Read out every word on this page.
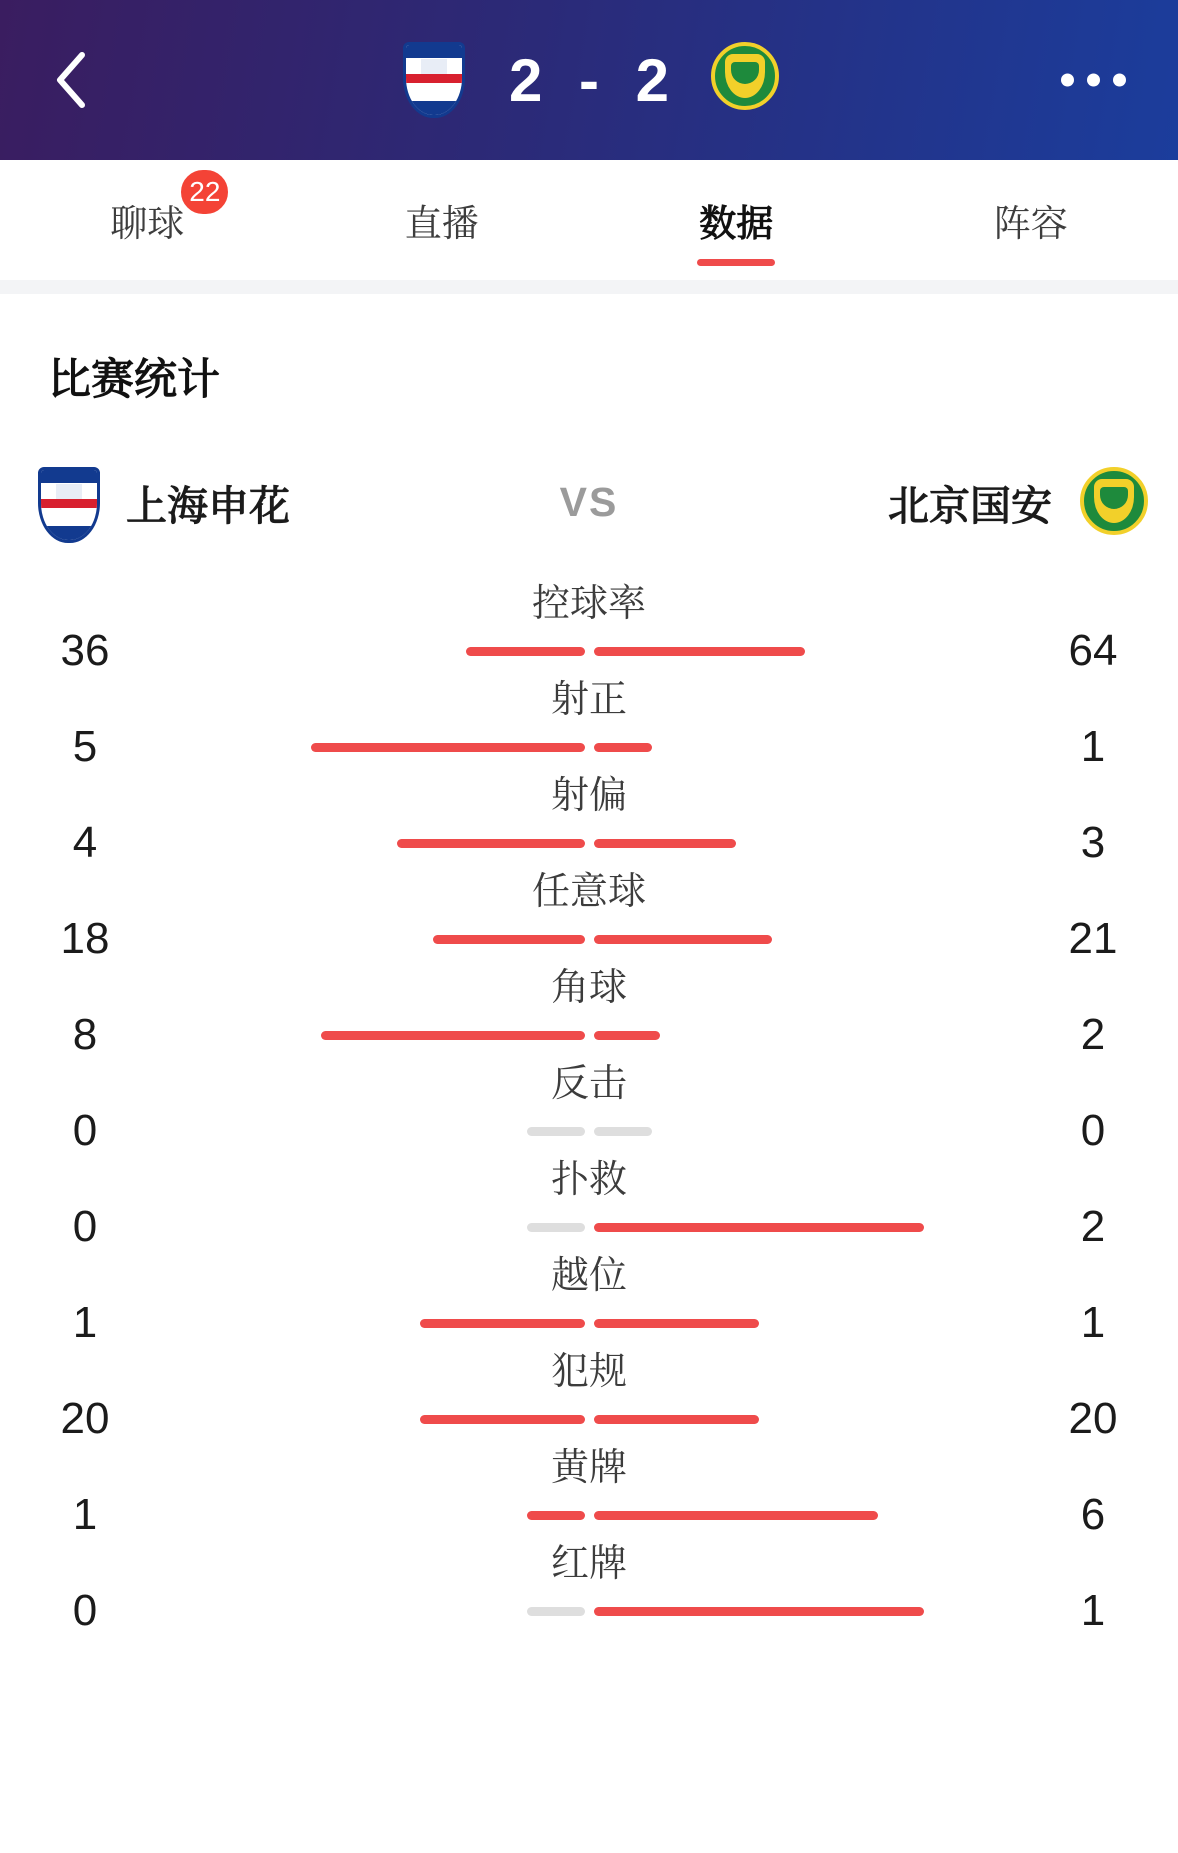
2 - 2
聊球
22
直播	数据	阵容
比赛统计
上海申花	VS	北京国安
控球率
36	64
射正
5	1
射偏
4	3
任意球
18	21
角球
8	2
反击
0	0
扑救
0	2
越位
1	1
犯规
20	20
黄牌
1	6
红牌
0	1
